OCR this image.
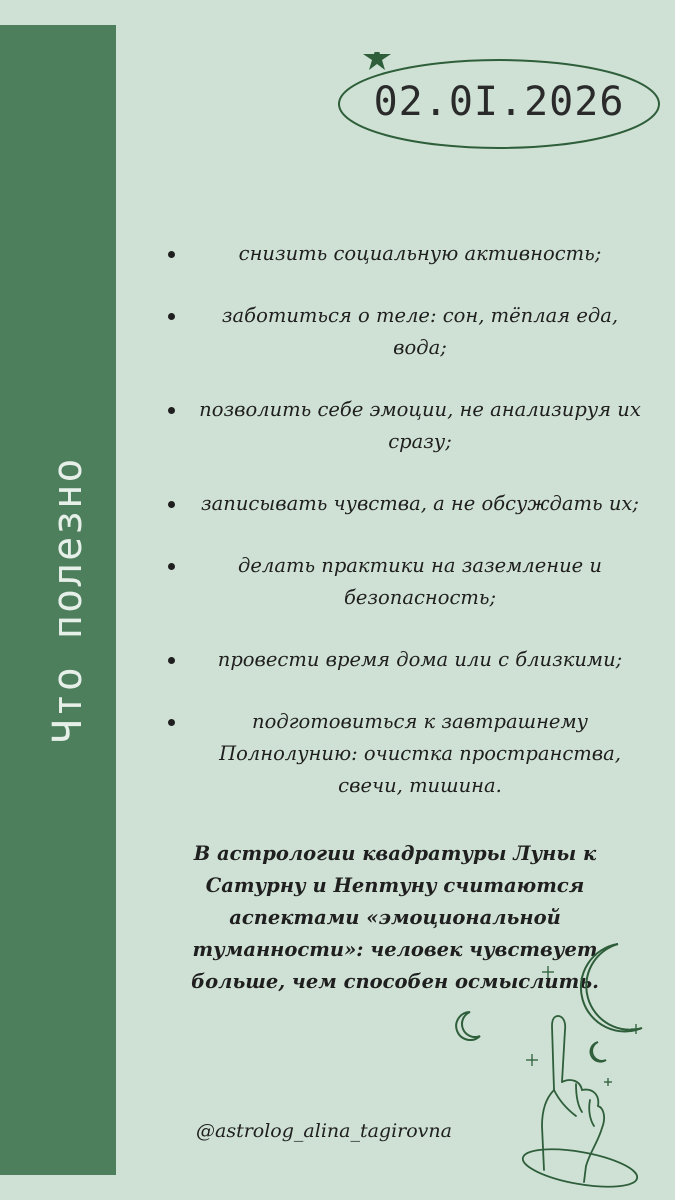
Что полезно
02.0I.2026
снизить социальную активность;
заботиться о теле: сон, тёплая еда, вода;
позволить себе эмоции, не анализируя их сразу;
записывать чувства, а не обсуждать их;
делать практики на заземление и безопасность;
провести время дома или с близкими;
подготовиться к завтрашнему Полнолунию: очистка пространства, свечи, тишина.
В астрологии квадратуры Луны к Сатурну и Нептуну считаются аспектами «эмоциональной туманности»: человек чувствует больше, чем способен осмыслить.
@astrolog_alina_tagirovna
